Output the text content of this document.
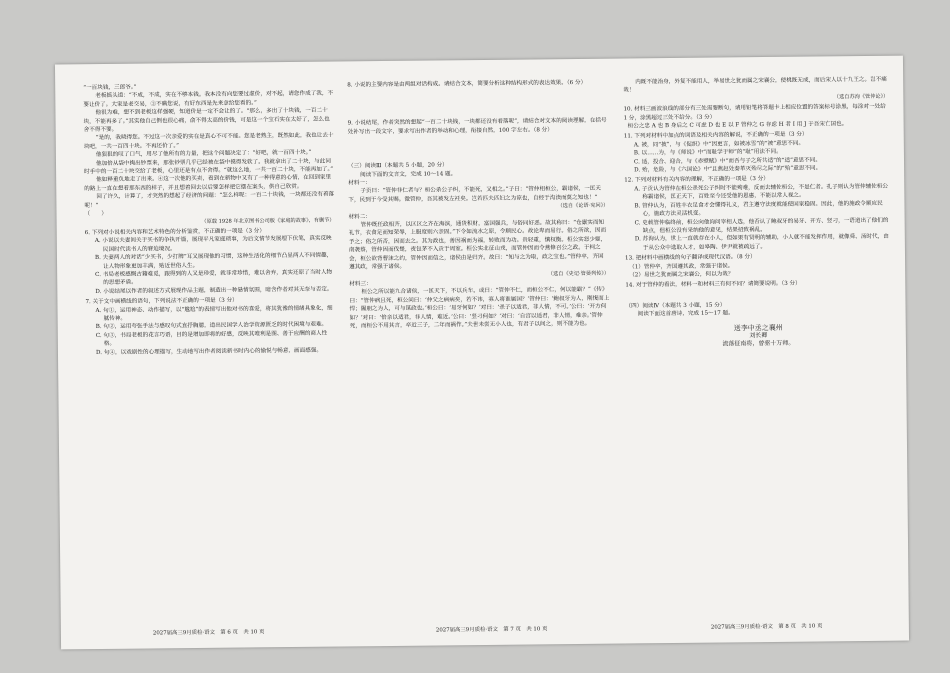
“一百块钱，三郎爷。”

老板摇头道：“不成，不成，实在不够本钱。我本没有向您要过虚价，对不起，请您作成了我，不要让价了。大家是老交易，③不瞒您说，有好东西是先来拿给您看的。”

他很为难，想不到老板这样强硬，知道价是一定不会让的了。“那么，多出了十块钱，一百二十块，不能再多了。”其实他自己倒也很心痛，俞不得太高的价钱，可是这一个宝石实在太好了，怎么也舍不得不要。

“是的，我晓得您。不过这一次亲爱的实在是真心不可不能。您是老熟主，既然如此，我也让去十块吧，一共一百四十块。不再还价了。”

他狠狠的叹了口气，用尽了他所有的力量，把这个问题决定了：“好吧，就一百四十块。”

他加倍从袋中掏出钞票来，那张钞票几乎已经被在袋中摸得发软了。我就拿出了二十块，与此同时手中的一百二十块交给了老板，心里还是有点不舍得。“就这么地，一共一百二十块，不能再加了。”

他如释重负地走了出来。④这一次他的买卖，看到在新物中又有了一种得意的心情，在回到家里的路上一直在想着那东西的样子，并且想着回去以后要怎样把它摆在案头，供自己欣赏。

回了许久，计算了，才突然的想起了经济的问题：“怎么样呢：一百二十块钱，一块都还没有着落呢！”

（　　）

（原载 1928 年北京图书公司版《家庭的故事》，有删节）

6. 下列对小说相关内容和艺术特色的分析鉴赏，不正确的一项是（3 分）

A. 小说以夫妻间关于买书的争执开篇，展现平凡家庭琐事，为后文情节发展埋下伏笔，真实反映民国时代读书人的窘迫境况。

B. 夫妻两人的对话“少买书，少打牌”耳又展现他的习惯，这种生活化的细节凸显两人不同情趣，让人物形象更加丰满，贴近世俗人生。

C. 书局老板感慨古籍难觅，跟得到的人又是珍爱，就非常珍惜，难以舍弃，真实还原了当时人物的思想矛盾。

D. 小说结尾以作者的叙述方式展现作品主题，制造出一种悬情氛围，暗含作者对其无奈与否定。

7. 关于文中画横线的语句，下列说法不正确的一项是（3 分）

A. 句①，运用神态、动作描写，以“尴尬”的表情写出他对书的喜爱，将其犹豫的情绪具象化，细腻传神。

B. 句②，运用夸张手法与感叹句式直抒胸臆，道出民国学人治学资源匮乏的时代困境与艰难。

C. 句③，书局老板的花言巧语，目的是增加即将的好感，反映其唯利是图、善于应酬的商人性格。

D. 句④，以戏剧性的心理描写，生动地写出作者阅读新书时内心的愉悦与畅意，画面感强。

8. 小说的主要内容是由两组对话构成。请结合文本，简要分析这种结构形式的表达效果。（6 分）

9. 小说结尾，作者突然的想起“一百二十块钱，一块都还没有着落呢”，请结合对文本的阅读理解，在括号处补写出一段文字，要求写出作者的举动和心理，衔接自然，100 字左右。（8 分）

（三）阅读Ⅲ（本题共 5 小题，20 分）

阅读下面的文言文，完成 10～14 题。

材料一：

子贡曰：“管仲非仁者与？桓公杀公子纠，不能死，又相之。”子曰：“管仲相桓公，霸诸侯，一匡天下，民到于今受其赐。微管仲，吾其被发左衽矣。岂若匹夫匹妇之为谅也，自经于沟渎而莫之知也！”

（选自《论语·宪问》）

材料二：

管仲既任政相齐，以区区之齐在海滨，通货积财，富国强兵，与俗同好恶。故其称曰：“仓廪实而知礼节，衣食足而知荣辱，上服度则六亲固。”下令如流水之原，令顺民心。故论卑而易行。俗之所欲，因而予之；俗之所否，因而去之。其为政也，善因祸而为福，转败而为功。贵轻重，慎权衡。桓公实怒少姬，南袭蔡，管仲因而伐楚，责包茅不入贡于周室。桓公实北征山戎，而管仲因而令燕修召公之政。于柯之会，桓公欲背曹沫之约，管仲因而信之，诸侯由是归齐。故曰：“知与之为取，政之宝也。”管仲卒，齐国遵其政，常强于诸侯。

（选自《史记·管晏列传》）

材料三：

桓公之所以能九合诸侯，一匡天下，不以兵车。或曰：“管仲不仁，而桓公不仁，何以能霸？”《传》曰：“管仲病且死，桓公问曰：‘仲父之病病矣，若不讳，寡人将谁属国？’管仲曰：‘鲍叔牙为人，刚愎而上悍；隰朋之为人，可与谋政也。’桓公曰：‘易牙何如？’对曰：‘杀子以适君，非人情，不可。’公曰：‘开方何如？’对曰：‘倍亲以适君，非人情，难近。’公曰：‘竖刁何如？’对曰：‘自宫以适君，非人情，难亲。’管仲死，而桓公不用其言，卒近三子，二年而祸作。”夫世未尝无小人也，有君子以间之，则不能为也。

内既不能治身，外复不能用人，举易世之犹而属之宋襄公，使桃既无成，而后宋人以十九王之。岂不痛哉！

（选自苏洵《管仲论》）

10. 材料三画波浪线的部分有三处需要断句，请用铅笔将答题卡上相应位置的答案标号涂黑，每涂对一处给 1 分，涂黑超过三处不给分。（3 分）

桓公之忠 A 也 B 身后之 C 可虑 D 也 E 以 F 管仲之 G 存虑 H 者 I 用 J 于吾宋亡国也。

11. 下列对材料中加点的词语及相关内容的解说，不正确的一项是（3 分）

A. 被，同“披”，与《促织》中“因更言，如被冰雪”的“被”意思不同。

B. 以……为，与《师说》中“而耻学于师”的“耻”用法不同。

C. 适，投合、迎合，与《赤壁赋》中“而吾与子之所共适”的“适”意思不同。

D. 殆，危险，与《六国论》中“且燕赵处秦革灭殆尽之际”的“殆”意思不同。

12. 下列对材料有关内容的理解，不正确的一项是（3 分）

A. 子贡认为管仲在桓公杀死公子纠时不能殉难，反而去辅佐桓公，不是仁者。孔子则认为管仲辅佐桓公称霸诸侯，匡正天下，百姓至今还受他的恩惠，不能以常人视之。

B. 管仲认为，百姓丰衣足食才会懂得礼义，君主遵守法度就能使国家稳固。因此，他的施政令顺应民心，施政方法灵活机变。

C. 史载管仲临终前，桓公向他询问宰相人选，他否认了鲍叔牙的易牙、开方、竖刁，一语道出了他们的缺点，但桓公没有采纳他的意见，结果招致祸乱。

D. 苏洵认为，世上一直就存在小人，但如果有贤明的辅助，小人就不能发挥作用，就像舜、汤时代，由于从公众中选取人才，如皋陶、伊尹就被疏远了。

13. 把材料中画横线的句子翻译成现代汉语。（8 分）

（1）管仲卒，齐国遵其政，常强于诸侯。

（2）易世之犹而属之宋襄公，何以为哉？

14. 对于管仲的看法，材料一和材料三有何不同？请简要说明。（3 分）

（四）阅读Ⅳ（本题共 3 小题，15 分）

阅读下面这首唐诗，完成 15～17 题。

送李中丞之襄州

刘长卿

流落征南将，曾驱十万师。

2027届高三9月质检·语文　第 6 页　共 10 页	2027届高三9月质检·语文　第 7 页　共 10 页	2027届高三9月质检·语文　第 8 页　共 10 页
